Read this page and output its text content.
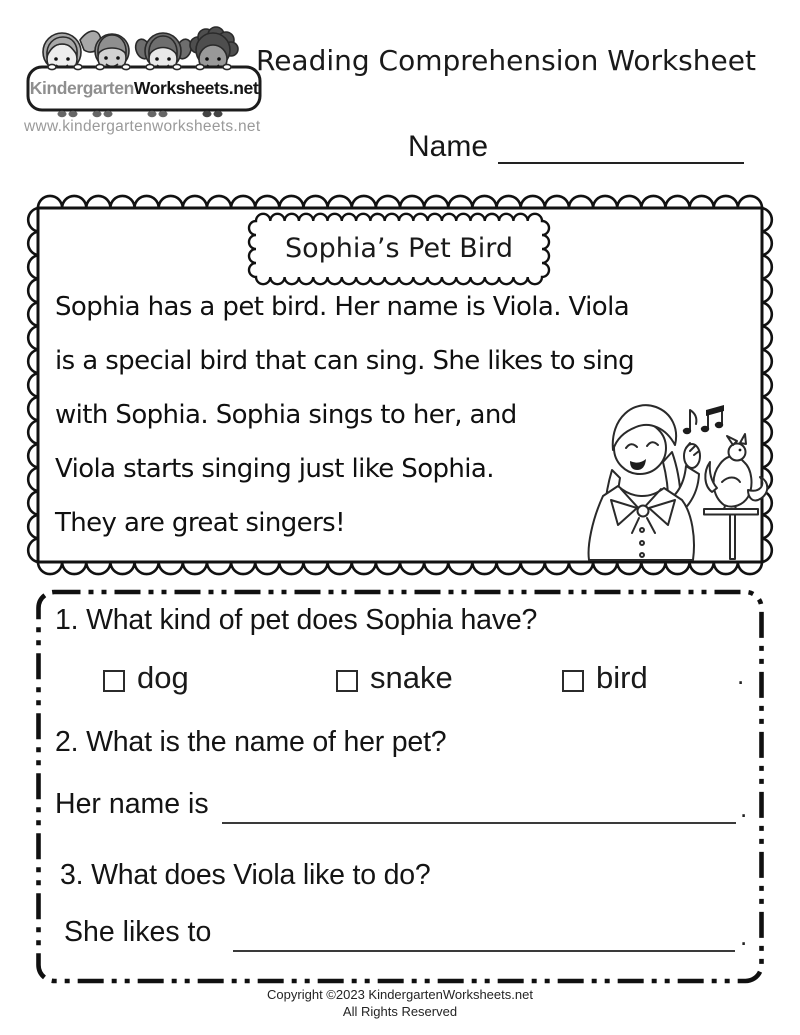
Kindergarten Worksheets.net
www.kindergartenworksheets.net
Reading Comprehension Worksheet
Name
Sophia’s Pet Bird
Sophia has a pet bird. Her name is Viola. Viola
is a special bird that can sing. She likes to sing
with Sophia. Sophia sings to her, and
Viola starts singing just like Sophia.
They are great singers!
1. What kind of pet does Sophia have?
dog	snake	bird	.
2. What is the name of her pet?
Her name is	.
3. What does Viola like to do?
She likes to	.
Copyright ©2023 KindergartenWorksheets.net
All Rights Reserved
